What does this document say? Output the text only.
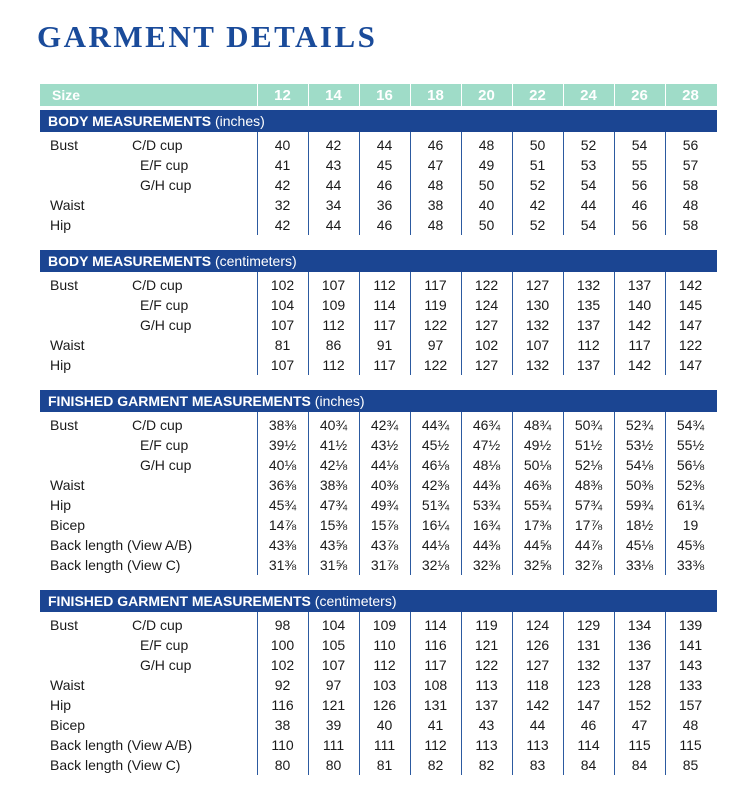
GARMENT DETAILS
Size	12	14	16	18	20	22	24	26	28
BODY MEASUREMENTS (inches)
Bust	C/D cup	40	42	44	46	48	50	52	54	56
E/F cup	41	43	45	47	49	51	53	55	57
G/H cup	42	44	46	48	50	52	54	56	58
Waist	32	34	36	38	40	42	44	46	48
Hip	42	44	46	48	50	52	54	56	58
BODY MEASUREMENTS (centimeters)
Bust	C/D cup	102	107	112	117	122	127	132	137	142
E/F cup	104	109	114	119	124	130	135	140	145
G/H cup	107	112	117	122	127	132	137	142	147
Waist	81	86	91	97	102	107	112	117	122
Hip	107	112	117	122	127	132	137	142	147
FINISHED GARMENT MEASUREMENTS (inches)
Bust	C/D cup	38⅜	40¾	42¾	44¾	46¾	48¾	50¾	52¾	54¾
E/F cup	39½	41½	43½	45½	47½	49½	51½	53½	55½
G/H cup	40⅛	42⅛	44⅛	46⅛	48⅛	50⅛	52⅛	54⅛	56⅛
Waist	36⅜	38⅜	40⅜	42⅜	44⅜	46⅜	48⅜	50⅜	52⅜
Hip	45¾	47¾	49¾	51¾	53¾	55¾	57¾	59¾	61¾
Bicep	14⅞	15⅜	15⅞	16¼	16¾	17⅜	17⅞	18½	19
Back length (View A/B)	43⅜	43⅝	43⅞	44⅛	44⅜	44⅝	44⅞	45⅛	45⅜
Back length (View C)	31⅜	31⅝	31⅞	32⅛	32⅜	32⅝	32⅞	33⅛	33⅜
FINISHED GARMENT MEASUREMENTS (centimeters)
Bust	C/D cup	98	104	109	114	119	124	129	134	139
E/F cup	100	105	110	116	121	126	131	136	141
G/H cup	102	107	112	117	122	127	132	137	143
Waist	92	97	103	108	113	118	123	128	133
Hip	116	121	126	131	137	142	147	152	157
Bicep	38	39	40	41	43	44	46	47	48
Back length (View A/B)	110	111	111	112	113	113	114	115	115
Back length (View C)	80	80	81	82	82	83	84	84	85
